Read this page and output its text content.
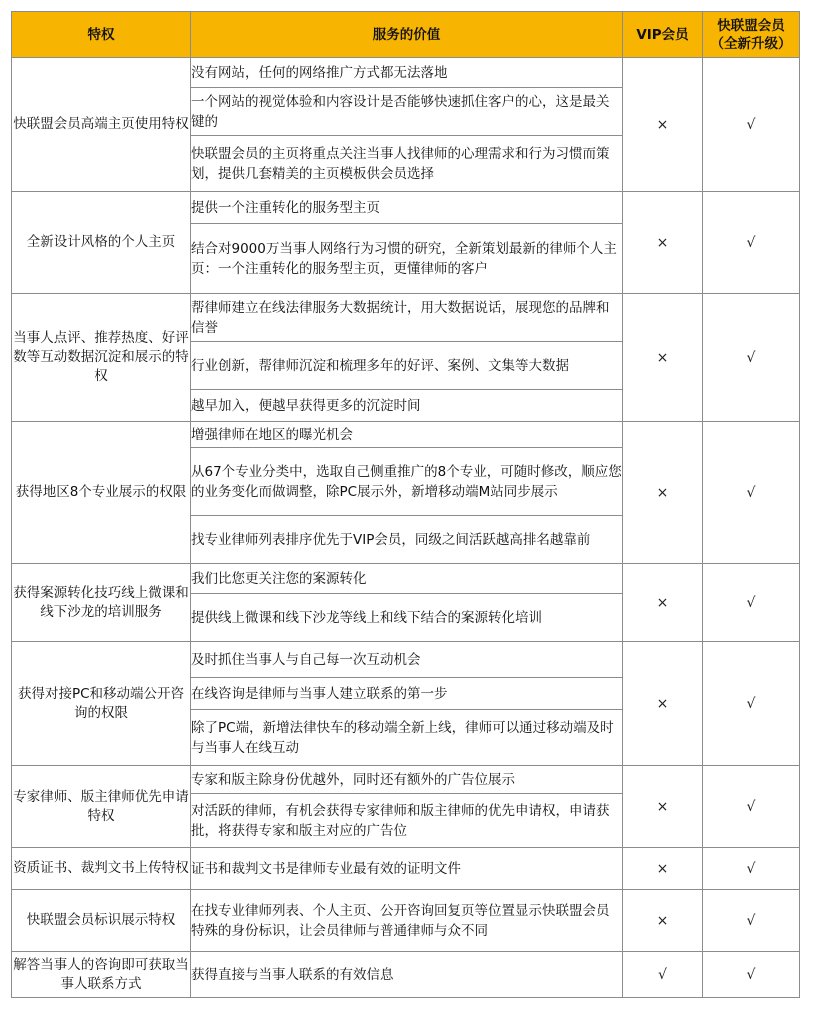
特权	服务的价值	VIP会员	快联盟会员
（全新升级）

快联盟会员高端主页使用特权	没有网站，任何的网络推广方式都无法落地	×	√
	一个网站的视觉体验和内容设计是否能够快速抓住客户的心，这是最关键的		
	快联盟会员的主页将重点关注当事人找律师的心理需求和行为习惯而策划，提供几套精美的主页模板供会员选择		
全新设计风格的个人主页	提供一个注重转化的服务型主页	×	√
	结合对9000万当事人网络行为习惯的研究，全新策划最新的律师个人主页：一个注重转化的服务型主页，更懂律师的客户		
当事人点评、推荐热度、好评数等互动数据沉淀和展示的特权	帮律师建立在线法律服务大数据统计，用大数据说话，展现您的品牌和信誉	×	√
	行业创新，帮律师沉淀和梳理多年的好评、案例、文集等大数据		
	越早加入，便越早获得更多的沉淀时间		
获得地区8个专业展示的权限	增强律师在地区的曝光机会	×	√
	从67个专业分类中，选取自己侧重推广的8个专业，可随时修改，顺应您的业务变化而做调整，除PC展示外，新增移动端M站同步展示		
	找专业律师列表排序优先于VIP会员，同级之间活跃越高排名越靠前		
获得案源转化技巧线上微课和线下沙龙的培训服务	我们比您更关注您的案源转化	×	√
	提供线上微课和线下沙龙等线上和线下结合的案源转化培训		
获得对接PC和移动端公开咨询的权限	及时抓住当事人与自己每一次互动机会	×	√
	在线咨询是律师与当事人建立联系的第一步		
	除了PC端，新增法律快车的移动端全新上线，律师可以通过移动端及时与当事人在线互动		
专家律师、版主律师优先申请特权	专家和版主除身份优越外，同时还有额外的广告位展示	×	√
	对活跃的律师，有机会获得专家律师和版主律师的优先申请权，申请获批，将获得专家和版主对应的广告位		
资质证书、裁判文书上传特权	证书和裁判文书是律师专业最有效的证明文件	×	√
快联盟会员标识展示特权	在找专业律师列表、个人主页、公开咨询回复页等位置显示快联盟会员特殊的身份标识，让会员律师与普通律师与众不同	×	√
解答当事人的咨询即可获取当事人联系方式	获得直接与当事人联系的有效信息	√	√
